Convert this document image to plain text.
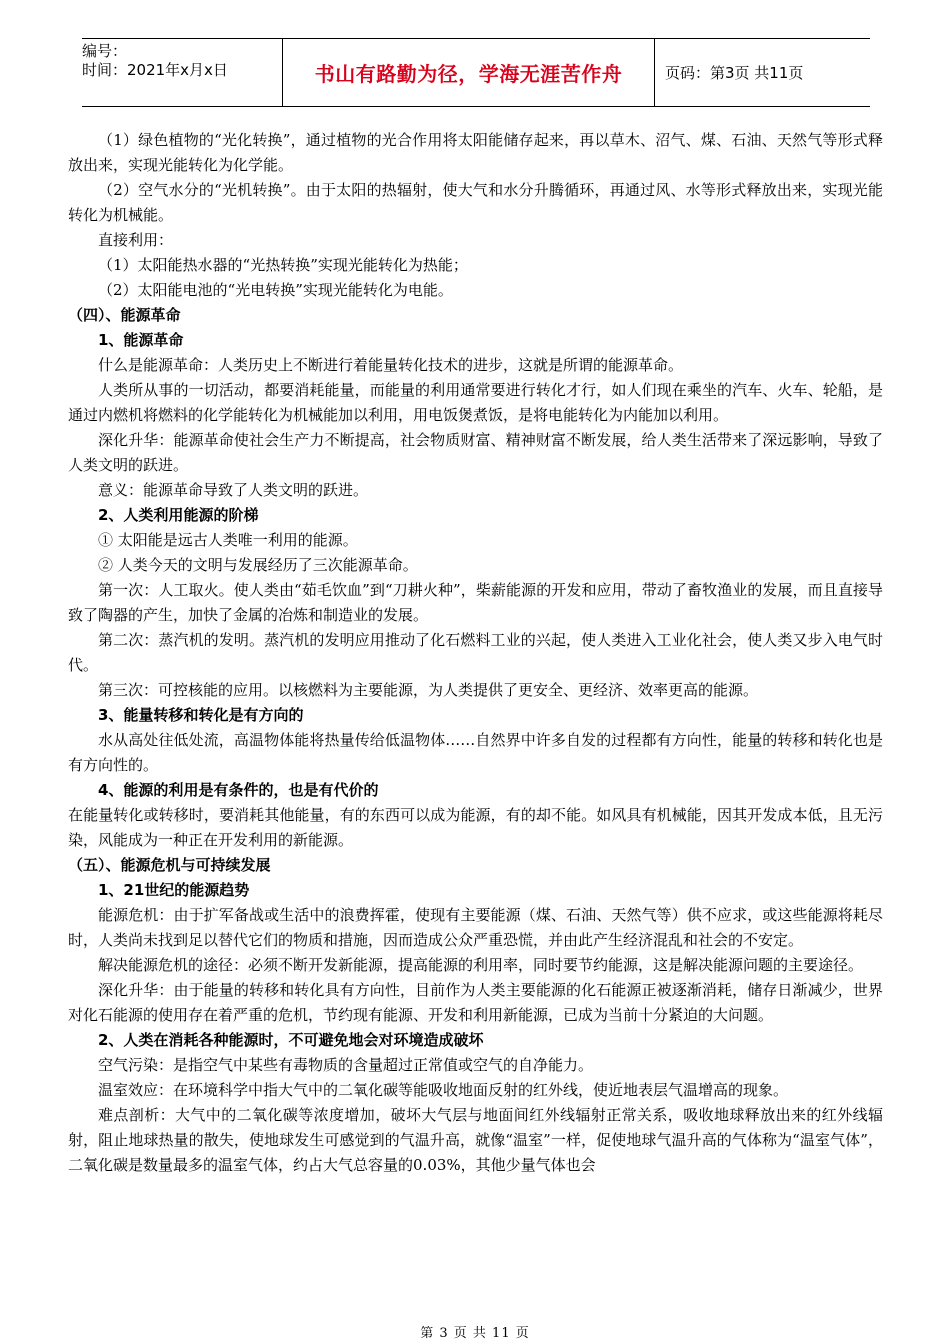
编号：
时间：2021年x月x日	书山有路勤为径，学海无涯苦作舟	页码：第3页 共11页

（1）绿色植物的“光化转换”，通过植物的光合作用将太阳能储存起来，再以草木、沼气、煤、石油、天然气等形式释放出来，实现光能转化为化学能。

（2）空气水分的“光机转换”。由于太阳的热辐射，使大气和水分升腾循环，再通过风、水等形式释放出来，实现光能转化为机械能。

直接利用：

（1）太阳能热水器的“光热转换”实现光能转化为热能；

（2）太阳能电池的“光电转换”实现光能转化为电能。

（四）、能源革命

1、能源革命

什么是能源革命：人类历史上不断进行着能量转化技术的进步，这就是所谓的能源革命。

人类所从事的一切活动，都要消耗能量，而能量的利用通常要进行转化才行，如人们现在乘坐的汽车、火车、轮船，是通过内燃机将燃料的化学能转化为机械能加以利用，用电饭煲煮饭，是将电能转化为内能加以利用。

深化升华：能源革命使社会生产力不断提高，社会物质财富、精神财富不断发展，给人类生活带来了深远影响，导致了人类文明的跃进。

意义：能源革命导致了人类文明的跃进。

2、人类利用能源的阶梯

① 太阳能是远古人类唯一利用的能源。

② 人类今天的文明与发展经历了三次能源革命。

第一次：人工取火。使人类由“茹毛饮血”到“刀耕火种”，柴薪能源的开发和应用，带动了畜牧渔业的发展，而且直接导致了陶器的产生，加快了金属的冶炼和制造业的发展。

第二次：蒸汽机的发明。蒸汽机的发明应用推动了化石燃料工业的兴起，使人类进入工业化社会，使人类又步入电气时代。

第三次：可控核能的应用。以核燃料为主要能源，为人类提供了更安全、更经济、效率更高的能源。

3、能量转移和转化是有方向的

水从高处往低处流，高温物体能将热量传给低温物体……自然界中许多自发的过程都有方向性，能量的转移和转化也是有方向性的。

4、能源的利用是有条件的，也是有代价的

在能量转化或转移时，要消耗其他能量，有的东西可以成为能源，有的却不能。如风具有机械能，因其开发成本低，且无污染，风能成为一种正在开发利用的新能源。

（五）、能源危机与可持续发展

1、21世纪的能源趋势

能源危机：由于扩军备战或生活中的浪费挥霍，使现有主要能源（煤、石油、天然气等）供不应求，或这些能源将耗尽时，人类尚未找到足以替代它们的物质和措施，因而造成公众严重恐慌，并由此产生经济混乱和社会的不安定。

解决能源危机的途径：必须不断开发新能源，提高能源的利用率，同时要节约能源，这是解决能源问题的主要途径。

深化升华：由于能量的转移和转化具有方向性，目前作为人类主要能源的化石能源正被逐渐消耗，储存日渐减少，世界对化石能源的使用存在着严重的危机，节约现有能源、开发和利用新能源，已成为当前十分紧迫的大问题。

2、人类在消耗各种能源时，不可避免地会对环境造成破坏

空气污染：是指空气中某些有毒物质的含量超过正常值或空气的自净能力。

温室效应：在环境科学中指大气中的二氧化碳等能吸收地面反射的红外线，使近地表层气温增高的现象。

难点剖析：大气中的二氧化碳等浓度增加，破坏大气层与地面间红外线辐射正常关系，吸收地球释放出来的红外线辐射，阻止地球热量的散失，使地球发生可感觉到的气温升高，就像“温室”一样，促使地球气温升高的气体称为“温室气体”，二氧化碳是数量最多的温室气体，约占大气总容量的0.03%，其他少量气体也会

第 3 页 共 11 页
